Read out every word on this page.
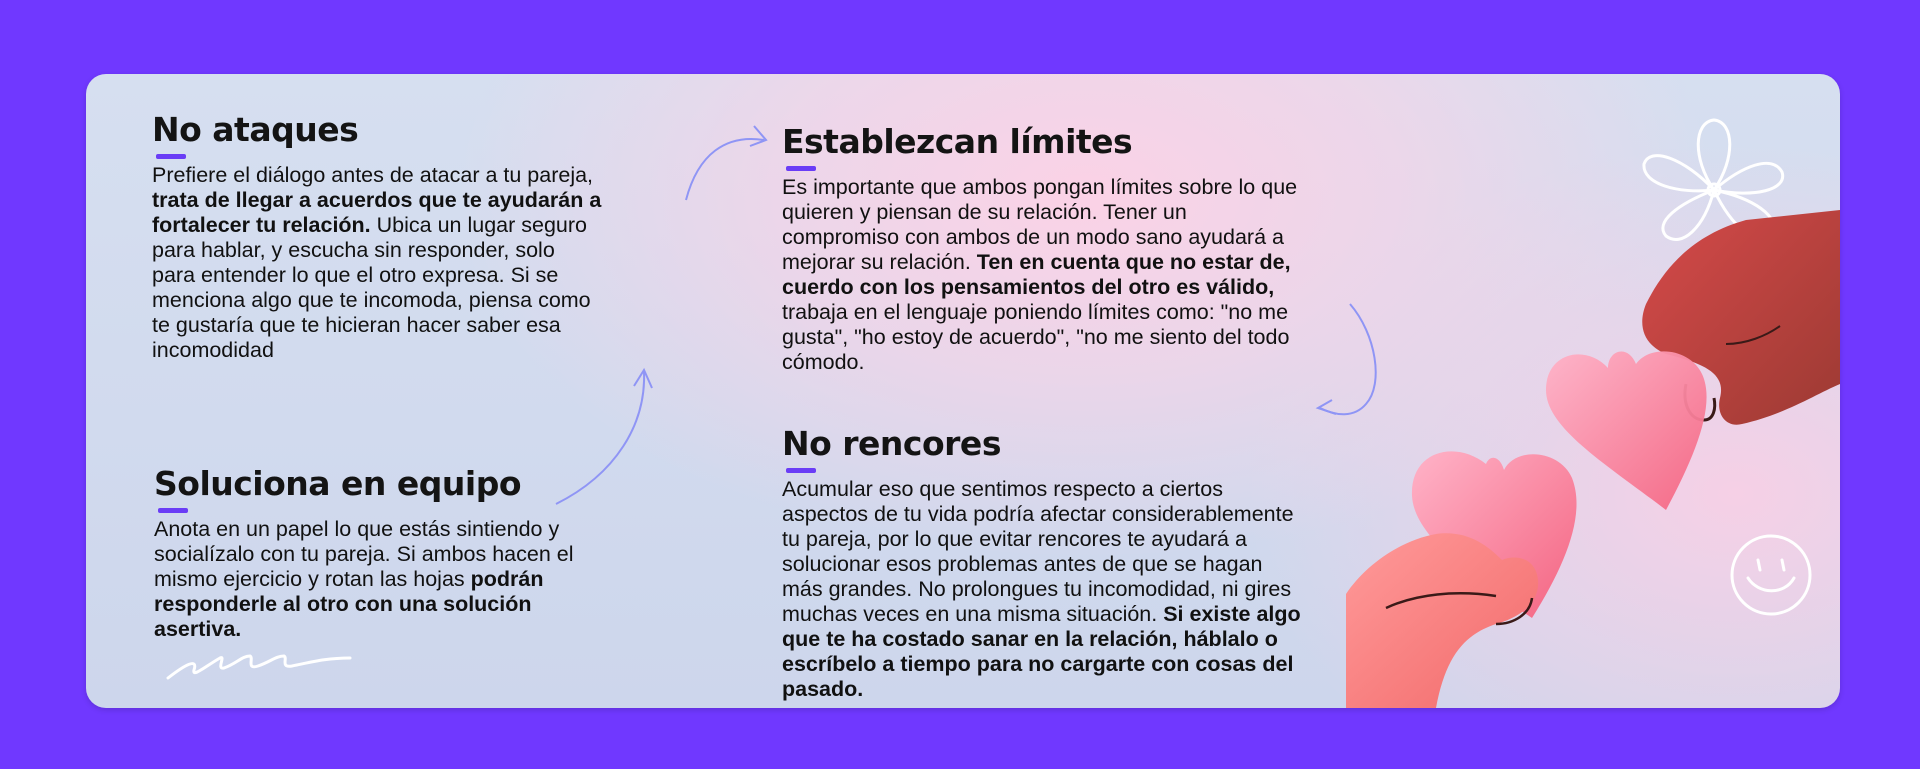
No ataques

Prefiere el diálogo antes de atacar a tu pareja, trata de llegar a acuerdos que te ayudarán a fortalecer tu relación. Ubica un lugar seguro para hablar, y escucha sin responder, solo para entender lo que el otro expresa. Si se menciona algo que te incomoda, piensa como te gustaría que te hicieran hacer saber esa incomodidad

Soluciona en equipo

Anota en un papel lo que estás sintiendo y socialízalo con tu pareja. Si ambos hacen el mismo ejercicio y rotan las hojas podrán responderle al otro con una solución asertiva.

Establezcan límites

Es importante que ambos pongan límites sobre lo que quieren y piensan de su relación. Tener un compromiso con ambos de un modo sano ayudará a mejorar su relación. Ten en cuenta que no estar de, cuerdo con los pensamientos del otro es válido, trabaja en el lenguaje poniendo límites como: "no me gusta", "ho estoy de acuerdo", "no me siento del todo cómodo.

No rencores

Acumular eso que sentimos respecto a ciertos aspectos de tu vida podría afectar considerablemente tu pareja, por lo que evitar rencores te ayudará a solucionar esos problemas antes de que se hagan más grandes. No prolongues tu incomodidad, ni gires muchas veces en una misma situación. Si existe algo que te ha costado sanar en la relación, háblalo o escríbelo a tiempo para no cargarte con cosas del pasado.
